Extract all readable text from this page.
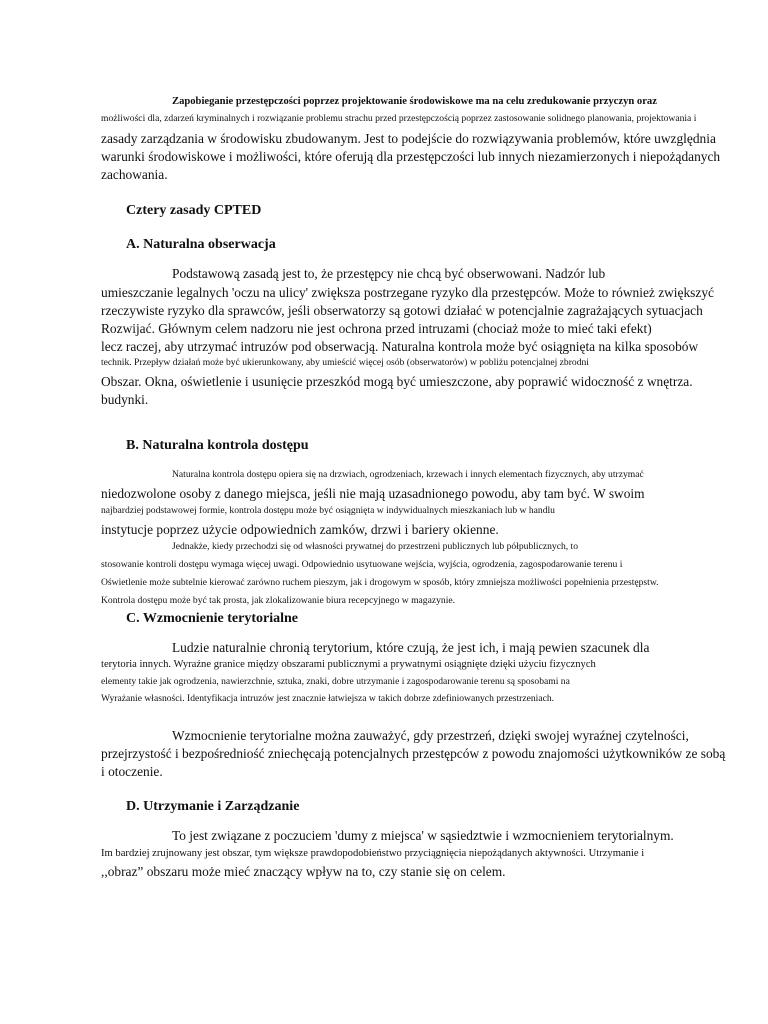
Zapobieganie przestępczości poprzez projektowanie środowiskowe ma na celu zredukowanie przyczyn oraz

możliwości dla, zdarzeń kryminalnych i rozwiązanie problemu strachu przed przestępczością poprzez zastosowanie solidnego planowania, projektowania i

zasady zarządzania w środowisku zbudowanym. Jest to podejście do rozwiązywania problemów, które uwzględnia

warunki środowiskowe i możliwości, które oferują dla przestępczości lub innych niezamierzonych i niepożądanych

zachowania.

Cztery zasady CPTED

A. Naturalna obserwacja

Podstawową zasadą jest to, że przestępcy nie chcą być obserwowani. Nadzór lub

umieszczanie legalnych 'oczu na ulicy' zwiększa postrzegane ryzyko dla przestępców. Może to również zwiększyć

rzeczywiste ryzyko dla sprawców, jeśli obserwatorzy są gotowi działać w potencjalnie zagrażających sytuacjach

Rozwijać. Głównym celem nadzoru nie jest ochrona przed intruzami (chociaż może to mieć taki efekt)

lecz raczej, aby utrzymać intruzów pod obserwacją. Naturalna kontrola może być osiągnięta na kilka sposobów

technik. Przepływ działań może być ukierunkowany, aby umieścić więcej osób (obserwatorów) w pobliżu potencjalnej zbrodni

Obszar. Okna, oświetlenie i usunięcie przeszkód mogą być umieszczone, aby poprawić widoczność z wnętrza.

budynki.

B. Naturalna kontrola dostępu

Naturalna kontrola dostępu opiera się na drzwiach, ogrodzeniach, krzewach i innych elementach fizycznych, aby utrzymać

niedozwolone osoby z danego miejsca, jeśli nie mają uzasadnionego powodu, aby tam być. W swoim

najbardziej podstawowej formie, kontrola dostępu może być osiągnięta w indywidualnych mieszkaniach lub w handlu

instytucje poprzez użycie odpowiednich zamków, drzwi i bariery okienne.

Jednakże, kiedy przechodzi się od własności prywatnej do przestrzeni publicznych lub półpublicznych, to

stosowanie kontroli dostępu wymaga więcej uwagi. Odpowiednio usytuowane wejścia, wyjścia, ogrodzenia, zagospodarowanie terenu i

Oświetlenie może subtelnie kierować zarówno ruchem pieszym, jak i drogowym w sposób, który zmniejsza możliwości popełnienia przestępstw.

Kontrola dostępu może być tak prosta, jak zlokalizowanie biura recepcyjnego w magazynie.

C. Wzmocnienie terytorialne

Ludzie naturalnie chronią terytorium, które czują, że jest ich, i mają pewien szacunek dla

terytoria innych. Wyraźne granice między obszarami publicznymi a prywatnymi osiągnięte dzięki użyciu fizycznych

elementy takie jak ogrodzenia, nawierzchnie, sztuka, znaki, dobre utrzymanie i zagospodarowanie terenu są sposobami na

Wyrażanie własności. Identyfikacja intruzów jest znacznie łatwiejsza w takich dobrze zdefiniowanych przestrzeniach.

Wzmocnienie terytorialne można zauważyć, gdy przestrzeń, dzięki swojej wyraźnej czytelności,

przejrzystość i bezpośredniość zniechęcają potencjalnych przestępców z powodu znajomości użytkowników ze sobą

i otoczenie.

D. Utrzymanie i Zarządzanie

To jest związane z poczuciem 'dumy z miejsca' w sąsiedztwie i wzmocnieniem terytorialnym.

Im bardziej zrujnowany jest obszar, tym większe prawdopodobieństwo przyciągnięcia niepożądanych aktywności. Utrzymanie i

,,obraz” obszaru może mieć znaczący wpływ na to, czy stanie się on celem.
